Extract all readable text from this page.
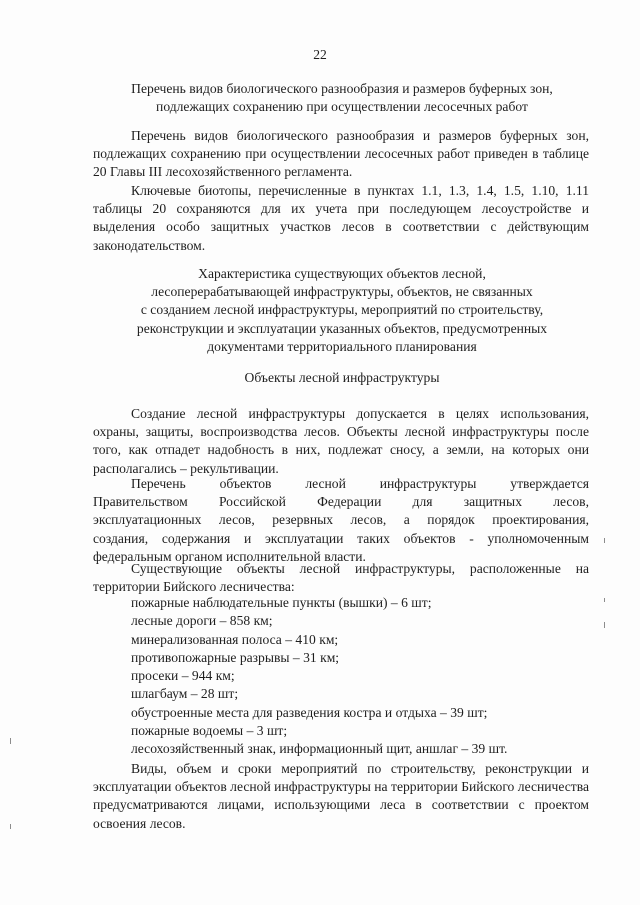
22
Перечень видов биологического разнообразия и размеров буферных зон,
подлежащих сохранению при осуществлении лесосечных работ

Перечень видов биологического разнообразия и размеров буферных зон, подлежащих сохранению при осуществлении лесосечных работ приведен в таблице 20 Главы III лесохозяйственного регламента.

Ключевые биотопы, перечисленные в пунктах 1.1, 1.3, 1.4, 1.5, 1.10, 1.11 таблицы 20 сохраняются для их учета при последующем лесоустройстве и выделения особо защитных участков лесов в соответствии с действующим законодательством.

Характеристика существующих объектов лесной,
лесоперерабатывающей инфраструктуры, объектов, не связанных
с созданием лесной инфраструктуры, мероприятий по строительству,
реконструкции и эксплуатации указанных объектов, предусмотренных
документами территориального планирования
Объекты лесной инфраструктуры

Создание лесной инфраструктуры допускается в целях использования, охраны, защиты, воспроизводства лесов. Объекты лесной инфраструктуры после того, как отпадет надобность в них, подлежат сносу, а земли, на которых они располагались – рекультивации.

Перечень объектов лесной инфраструктуры утверждается
Правительством Российской Федерации для защитных лесов,
эксплуатационных лесов, резервных лесов, а порядок проектирования,
создания, содержания и эксплуатации таких объектов - уполномоченным
федеральным органом исполнительной власти.

Существующие объекты лесной инфраструктуры, расположенные на территории Бийского лесничества:

пожарные наблюдательные пункты (вышки) – 6 шт;
лесные дороги – 858 км;
минерализованная полоса – 410 км;
противопожарные разрывы – 31 км;
просеки – 944 км;
шлагбаум – 28 шт;
обустроенные места для разведения костра и отдыха – 39 шт;
пожарные водоемы – 3 шт;
лесохозяйственный знак, информационный щит, аншлаг – 39 шт.

Виды, объем и сроки мероприятий по строительству, реконструкции и эксплуатации объектов лесной инфраструктуры на территории Бийского лесничества предусматриваются лицами, использующими леса в соответствии с проектом освоения лесов.
